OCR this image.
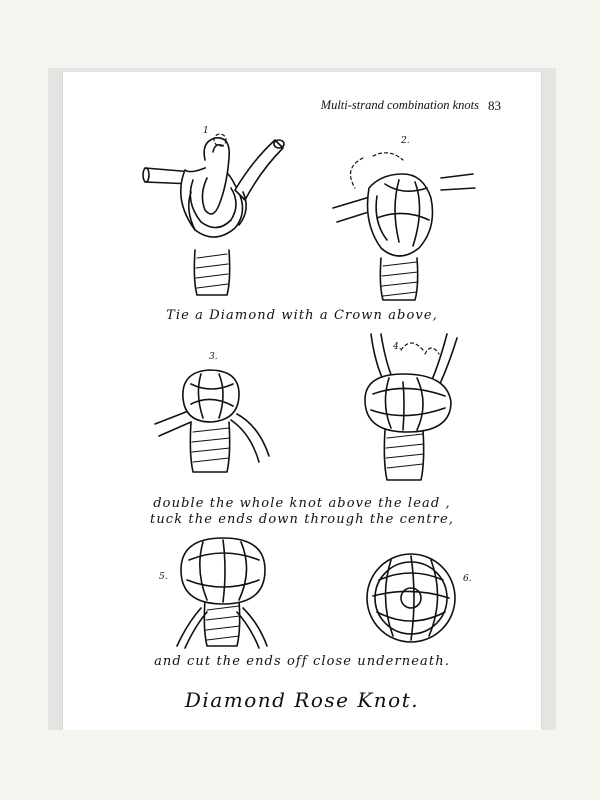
Multi-strand combination knots 83
1
2.
Tie a Diamond with a Crown above,
3.
4.
double the whole knot above the lead ,
tuck the ends down through the centre,
5.	6.
and cut the ends off close underneath.
Diamond Rose Knot.
